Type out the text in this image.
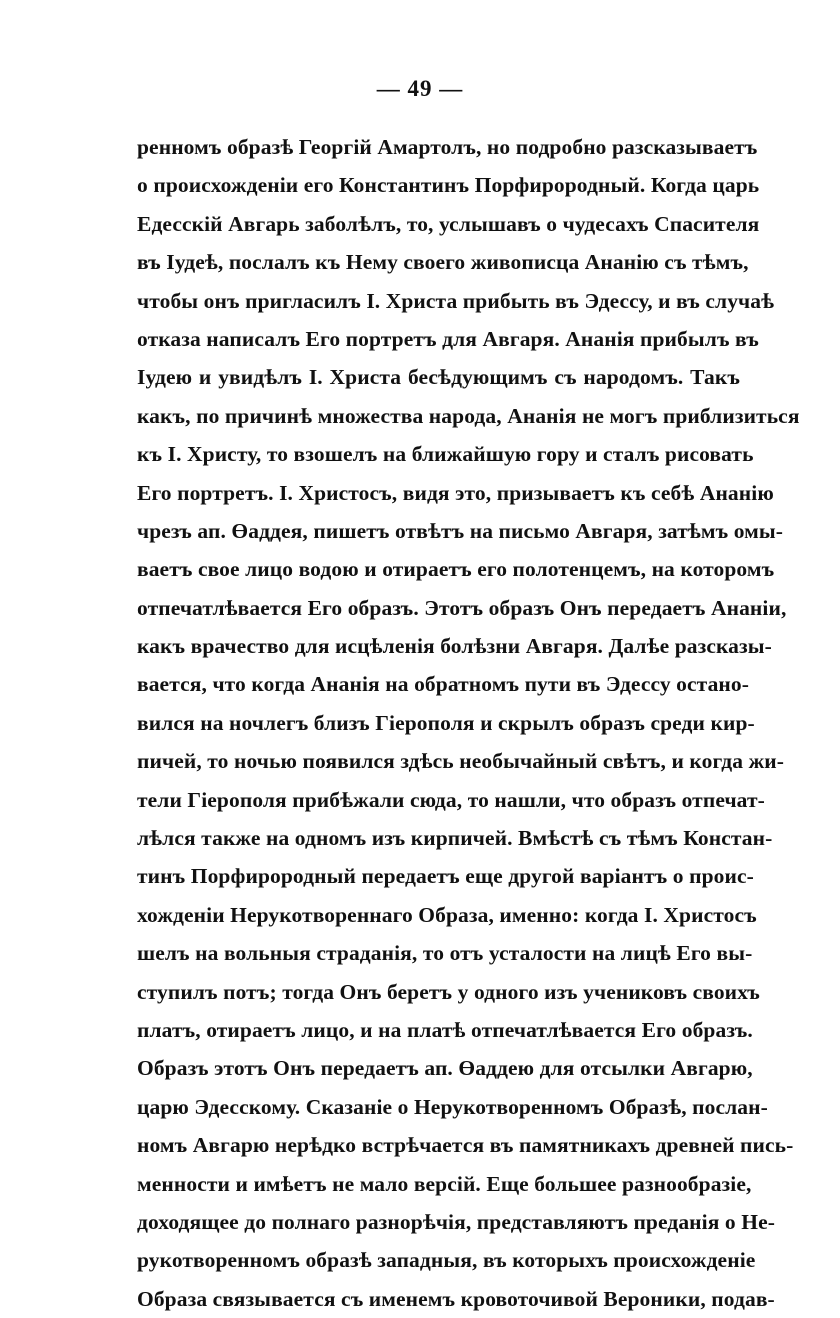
— 49 —
ренномъ образѣ Георгій Амартолъ, но подробно разсказываетъ
о происхожденіи его Константинъ Порфирородный. Когда царь
Едесскій Авгарь заболѣлъ, то, услышавъ о чудесахъ Спасителя
въ Іудеѣ, послалъ къ Нему своего живописца Ананію съ тѣмъ,
чтобы онъ пригласилъ І. Христа прибыть въ Эдессу, и въ случаѣ
отказа написалъ Его портретъ для Авгаря. Ананія прибылъ въ
Іудею и увидѣлъ І. Христа бесѣдующимъ съ народомъ. Такъ
какъ, по причинѣ множества народа, Ананія не могъ приблизиться
къ І. Христу, то взошелъ на ближайшую гору и сталъ рисовать
Его портретъ. І. Христосъ, видя это, призываетъ къ себѣ Ананію
чрезъ ап. Өаддея, пишетъ отвѣтъ на письмо Авгаря, затѣмъ омы-
ваетъ свое лицо водою и отираетъ его полотенцемъ, на которомъ
отпечатлѣвается Его образъ. Этотъ образъ Онъ передаетъ Ананіи,
какъ врачество для исцѣленія болѣзни Авгаря. Далѣе разсказы-
вается, что когда Ананія на обратномъ пути въ Эдессу остано-
вился на ночлегъ близъ Гіерополя и скрылъ образъ среди кир-
пичей, то ночью появился здѣсь необычайный свѣтъ, и когда жи-
тели Гіерополя прибѣжали сюда, то нашли, что образъ отпечат-
лѣлся также на одномъ изъ кирпичей. Вмѣстѣ съ тѣмъ Констан-
тинъ Порфирородный передаетъ еще другой варіантъ о проис-
хожденіи Нерукотвореннаго Образа, именно: когда І. Христосъ
шелъ на вольныя страданія, то отъ усталости на лицѣ Его вы-
ступилъ потъ; тогда Онъ беретъ у одного изъ учениковъ своихъ
платъ, отираетъ лицо, и на платѣ отпечатлѣвается Его образъ.
Образъ этотъ Онъ передаетъ ап. Өаддею для отсылки Авгарю,
царю Эдесскому. Сказаніе о Нерукотворенномъ Образѣ, послан-
номъ Авгарю нерѣдко встрѣчается въ памятникахъ древней пись-
менности и имѣетъ не мало версій. Еще большее разнообразіе,
доходящее до полнаго разнорѣчія, представляютъ преданія о Не-
рукотворенномъ образѣ западныя, въ которыхъ происхожденіе
Образа связывается съ именемъ кровоточивой Вероники, подав-
